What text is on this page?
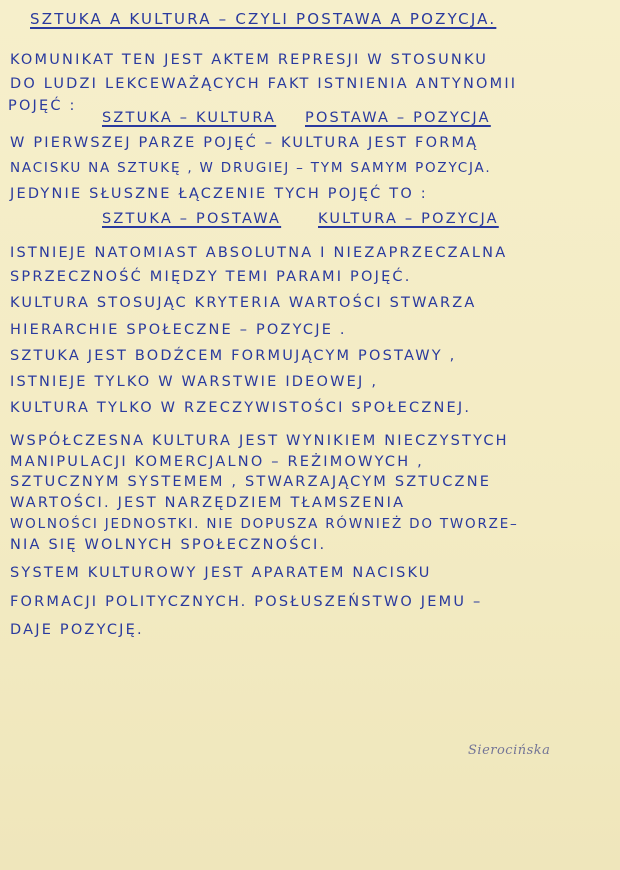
SZTUKA A KULTURA – CZYLI POSTAWA A POZYCJA.
KOMUNIKAT TEN JEST AKTEM REPRESJI W STOSUNKU
DO LUDZI LEKCEWAŻĄCYCH FAKT ISTNIENIA ANTYNOMII
POJĘĆ :
SZTUKA – KULTURA POSTAWA – POZYCJA
W PIERWSZEJ PARZE POJĘĆ – KULTURA JEST FORMĄ
NACISKU NA SZTUKĘ , W DRUGIEJ – TYM SAMYM POZYCJA.
JEDYNIE SŁUSZNE ŁĄCZENIE TYCH POJĘĆ TO :
SZTUKA – POSTAWA	KULTURA – POZYCJA
ISTNIEJE NATOMIAST ABSOLUTNA I NIEZAPRZECZALNA
SPRZECZNOŚĆ MIĘDZY TEMI PARAMI POJĘĆ.
KULTURA STOSUJĄC KRYTERIA WARTOŚCI STWARZA
HIERARCHIE SPOŁECZNE – POZYCJE .
SZTUKA JEST BODŹCEM FORMUJĄCYM POSTAWY ,
ISTNIEJE TYLKO W WARSTWIE IDEOWEJ ,
KULTURA TYLKO W RZECZYWISTOŚCI SPOŁECZNEJ.
WSPÓŁCZESNA KULTURA JEST WYNIKIEM NIECZYSTYCH
MANIPULACJI KOMERCJALNO – REŻIMOWYCH ,
SZTUCZNYM SYSTEMEM , STWARZAJĄCYM SZTUCZNE
WARTOŚCI. JEST NARZĘDZIEM TŁAMSZENIA
WOLNOŚCI JEDNOSTKI. NIE DOPUSZA RÓWNIEŻ DO TWORZE–
NIA SIĘ WOLNYCH SPOŁECZNOŚCI.
SYSTEM KULTUROWY JEST APARATEM NACISKU
FORMACJI POLITYCZNYCH. POSŁUSZEŃSTWO JEMU –
DAJE POZYCJĘ.
Sierocińska
